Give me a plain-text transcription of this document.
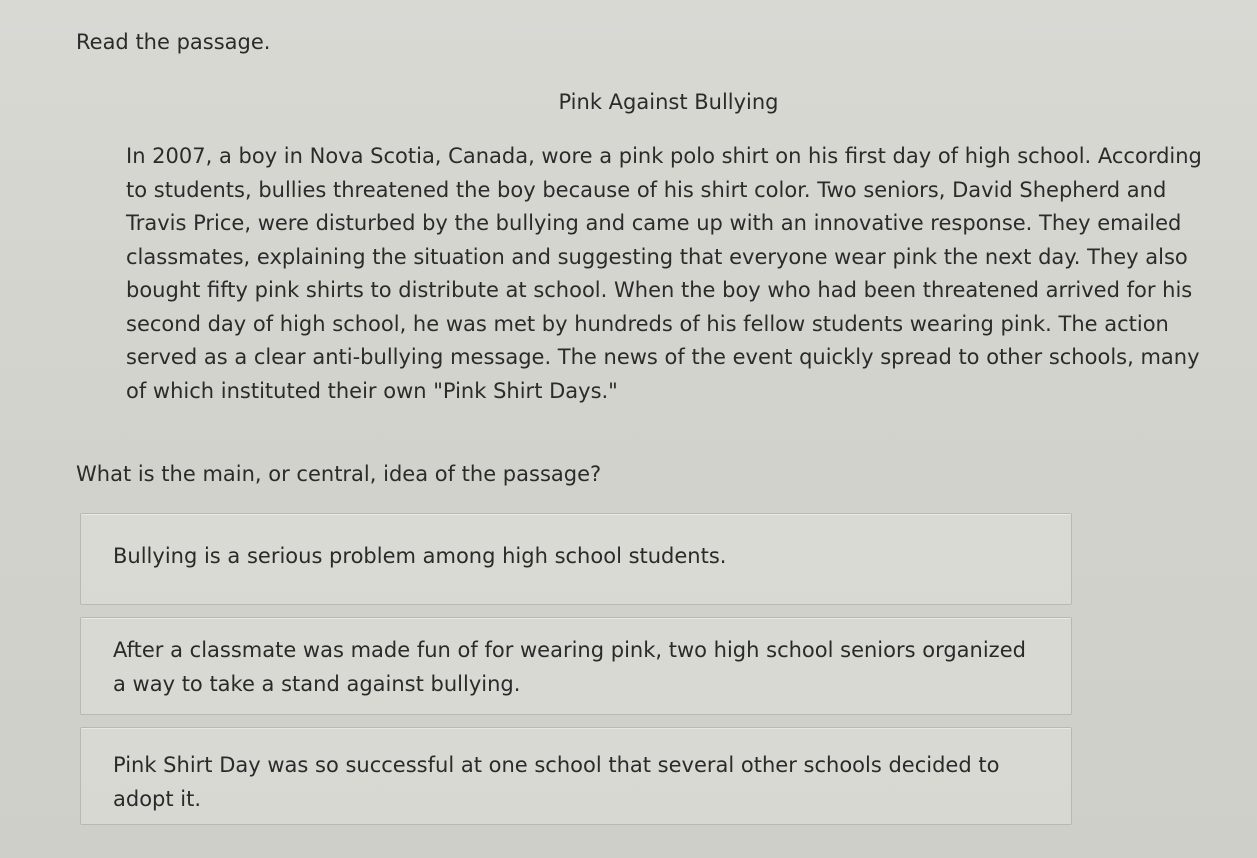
Read the passage.
Pink Against Bullying

In 2007, a boy in Nova Scotia, Canada, wore a pink polo shirt on his first day of high school. According to students, bullies threatened the boy because of his shirt color. Two seniors, David Shepherd and Travis Price, were disturbed by the bullying and came up with an innovative response. They emailed classmates, explaining the situation and suggesting that everyone wear pink the next day. They also bought fifty pink shirts to distribute at school. When the boy who had been threatened arrived for his second day of high school, he was met by hundreds of his fellow students wearing pink. The action served as a clear anti-bullying message. The news of the event quickly spread to other schools, many of which instituted their own "Pink Shirt Days."

What is the main, or central, idea of the passage?
Bullying is a serious problem among high school students.
After a classmate was made fun of for wearing pink, two high school seniors organized a way to take a stand against bullying.
Pink Shirt Day was so successful at one school that several other schools decided to adopt it.
